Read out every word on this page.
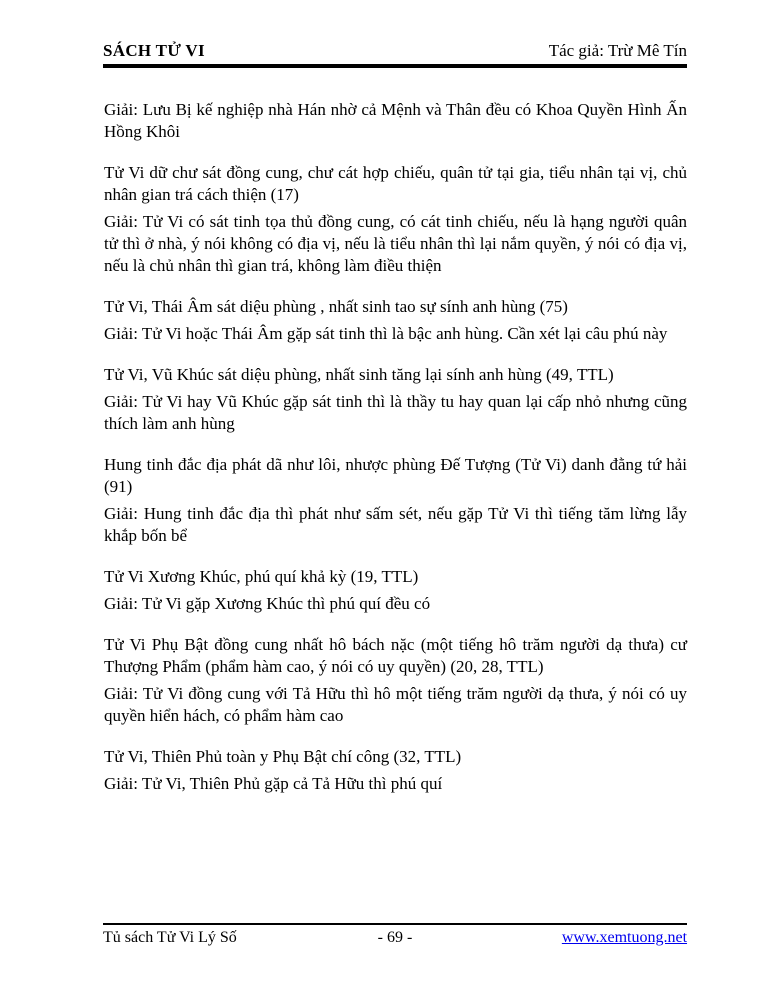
SÁCH TỬ VI	Tác giả: Trừ Mê Tín

Giải: Lưu Bị kế nghiệp nhà Hán nhờ cả Mệnh và Thân đều có Khoa Quyền Hình Ấn Hồng Khôi

Tử Vi dữ chư sát đồng cung, chư cát hợp chiếu, quân tử tại gia, tiểu nhân tại vị, chủ nhân gian trá cách thiện (17)

Giải: Tử Vi có sát tinh tọa thủ đồng cung, có cát tinh chiếu, nếu là hạng người quân tử thì ở nhà, ý nói không có địa vị, nếu là tiểu nhân thì lại nắm quyền, ý nói có địa vị, nếu là chủ nhân thì gian trá, không làm điều thiện

Tử Vi, Thái Âm sát diệu phùng , nhất sinh tao sự sính anh hùng (75)

Giải: Tử Vi hoặc Thái Âm gặp sát tinh thì là bậc anh hùng. Cần xét lại câu phú này

Tử Vi, Vũ Khúc sát diệu phùng, nhất sinh tăng lại sính anh hùng (49, TTL)

Giải: Tử Vi hay Vũ Khúc gặp sát tinh thì là thầy tu hay quan lại cấp nhỏ nhưng cũng thích làm anh hùng

Hung tinh đắc địa phát dã như lôi, nhược phùng Đế Tượng (Tử Vi) danh đằng tứ hải (91)

Giải: Hung tinh đắc địa thì phát như sấm sét, nếu gặp Tử Vi thì tiếng tăm lừng lẫy khắp bốn bể

Tử Vi Xương Khúc, phú quí khả kỳ (19, TTL)

Giải: Tử Vi gặp Xương Khúc thì phú quí đều có

Tử Vi Phụ Bật đồng cung nhất hô bách nặc (một tiếng hô trăm người dạ thưa) cư Thượng Phẩm (phẩm hàm cao, ý nói có uy quyền) (20, 28, TTL)

Giải: Tử Vi đồng cung với Tả Hữu thì hô một tiếng trăm người dạ thưa, ý nói có uy quyền hiển hách, có phẩm hàm cao

Tử Vi, Thiên Phủ toàn y Phụ Bật chí công (32, TTL)

Giải: Tử Vi, Thiên Phủ gặp cả Tả Hữu thì phú quí

Tủ sách Tử Vi Lý Số	- 69 -	www.xemtuong.net
